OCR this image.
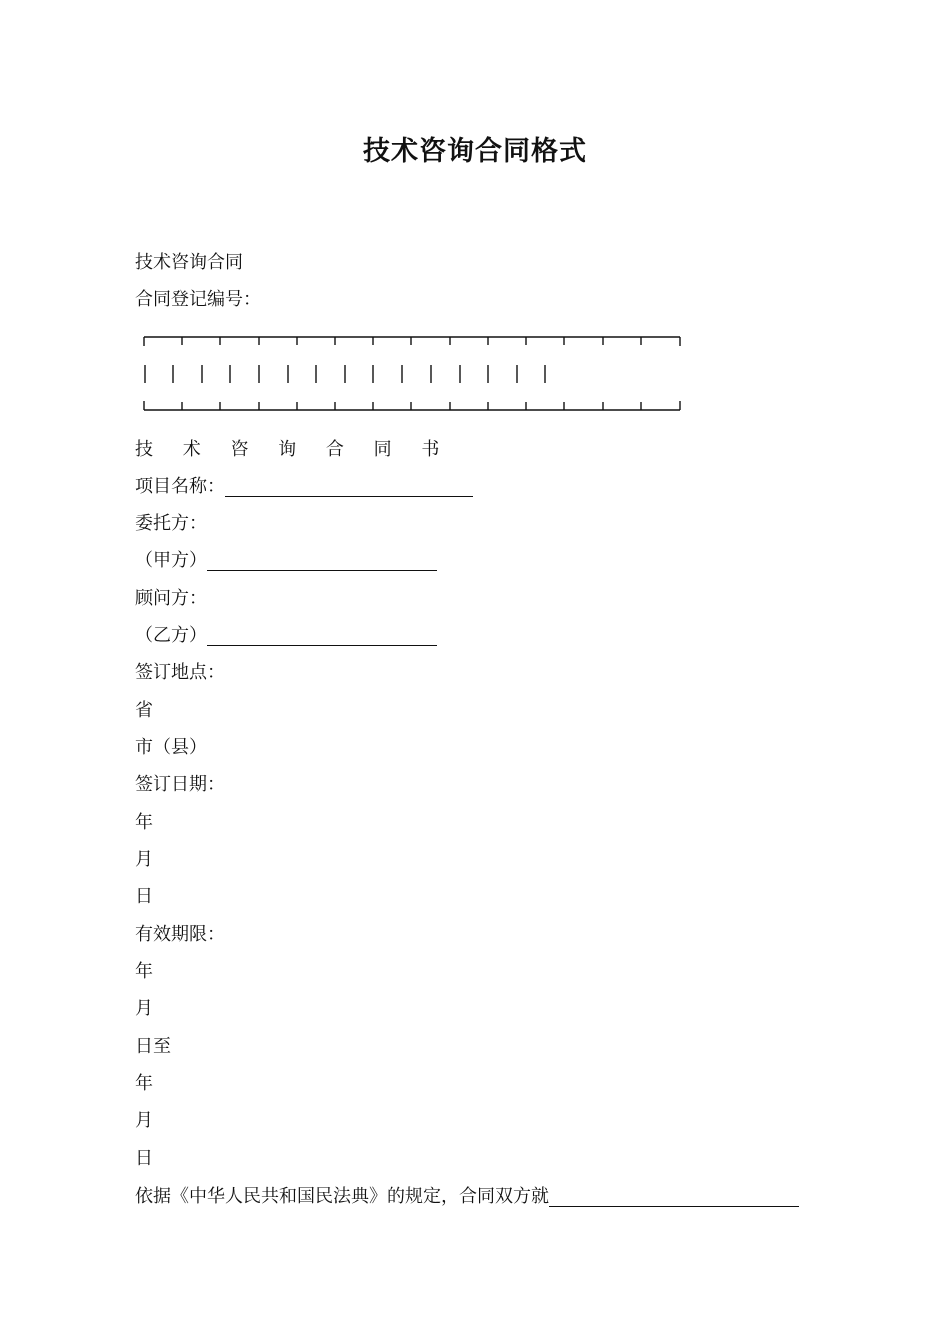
技术咨询合同格式
技术咨询合同
合同登记编号：
技 术 咨 询 合 同 书
项目名称：
委托方：
（甲方）
顾问方：
（乙方）
签订地点：
省
市（县）
签订日期：
年
月
日
有效期限：
年
月
日至
年
月
日
依据《中华人民共和国民法典》的规定，合同双方就
